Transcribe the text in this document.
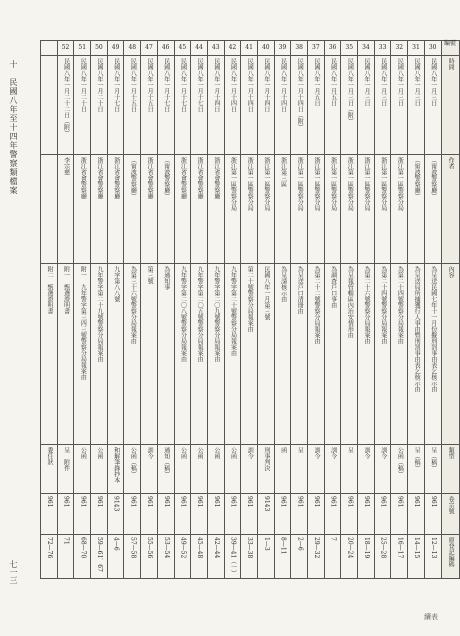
十　民國八年至十四年警察類檔案
七一三
續表
	52	51	50	49	48	47	46	45	44	43	42	41	40	39	38	37	36	35	34	33	32	31	30	編號

	民國八年一月二十二日（附）	民國八年一月二十日	民國八年一月二十日	民國八年一月十七日	民國八年一月十五日	民國八年一月十五日	民國八年一月十七日	民國八年一月十七日	民國八年一月十七日	民國八年一月十四日	民國八年一月十四日	民國八年一月十四日	民國八年一月十四日	民國八年一月十四日	民國八年一月十四日（附）	民國八年一月五日	民國八年一月五日	民國八年一月三日（附）	民國八年一月三日	民國八年一月三日	民國八年一月三日	民國八年一月三日	民國八年一月三日	時間

	李宗慈	浙江省會警察廳	浙江省會警察廳	浙江省會警察廳	（甯波警察廳）	浙江省會警察廳	（甯波警察廳）	浙江省會警察廳	浙江省會警察廳	浙江省會警察廳	浙江第一區警察分局	浙江第一區警察分局	浙江第一區警察分局	浙江第三區	浙江第一區警察分局	浙江第一區警察分局	浙江第一區警察分局	浙江第一區警察分局	浙江第一區警察分局	浙江第一區警察分局	浙江第一區警察分局	（甯波警察廳）	（甯波警察廳）	作者

附二　甄選證明書	附一　甄選證明書	附一　九年警字第三四三號警察分局報案由	九年警字第二十九號警察分局報案由	九字第八八號	為第三十六號警察分局報案由	第三號	為通知事	九年警字第二〇八號警察分局報案由	九年警字第二〇五號警察分局報案由	九年警字第二〇九號警察分局報案由	九年警字第二十號警察分局報案由	第二十號警察分局報案由	民國八年一月第三號	為呈請核示由	為呈送戶口清冊由	為第二十二號警察分局報案由	為調查戶口事由	為呈報管轄區內治安情形由	為第二十六號警察分局報案由	為第二十四號警察分局報案由	為第二十四號警察分局報案由	為呈送局所捕獲行人事由暨刑罰事由表乞核示由	為呈送民國七年十一月份擬刑罰事由表乞核示由	內容

委任狀	呈　附件	公函	公函	和解筆錄抄本	公函（稿）	訓令	通知（稿）	公函	公函	公函	公函	訓令	刑事判決	函	呈	訓令	訓令	呈	訓令	訓令	公函（稿）	呈（稿）	呈（稿）	類型

961	961	961	961	9143	961	961	961	961	961	961	961	961	9143	961	961	961	961	961	961	961	961	961	961	卷宗號

72—76	71	68—70	59—61、67	4—6	57—58	55—56	53—54	49—52	45—48	42—44	39—41（一）	33—38	1—3	8—11	2—6	29—32	7	20—24	18—19	25—28	16—17	14—15	12—13	原登記編碼
